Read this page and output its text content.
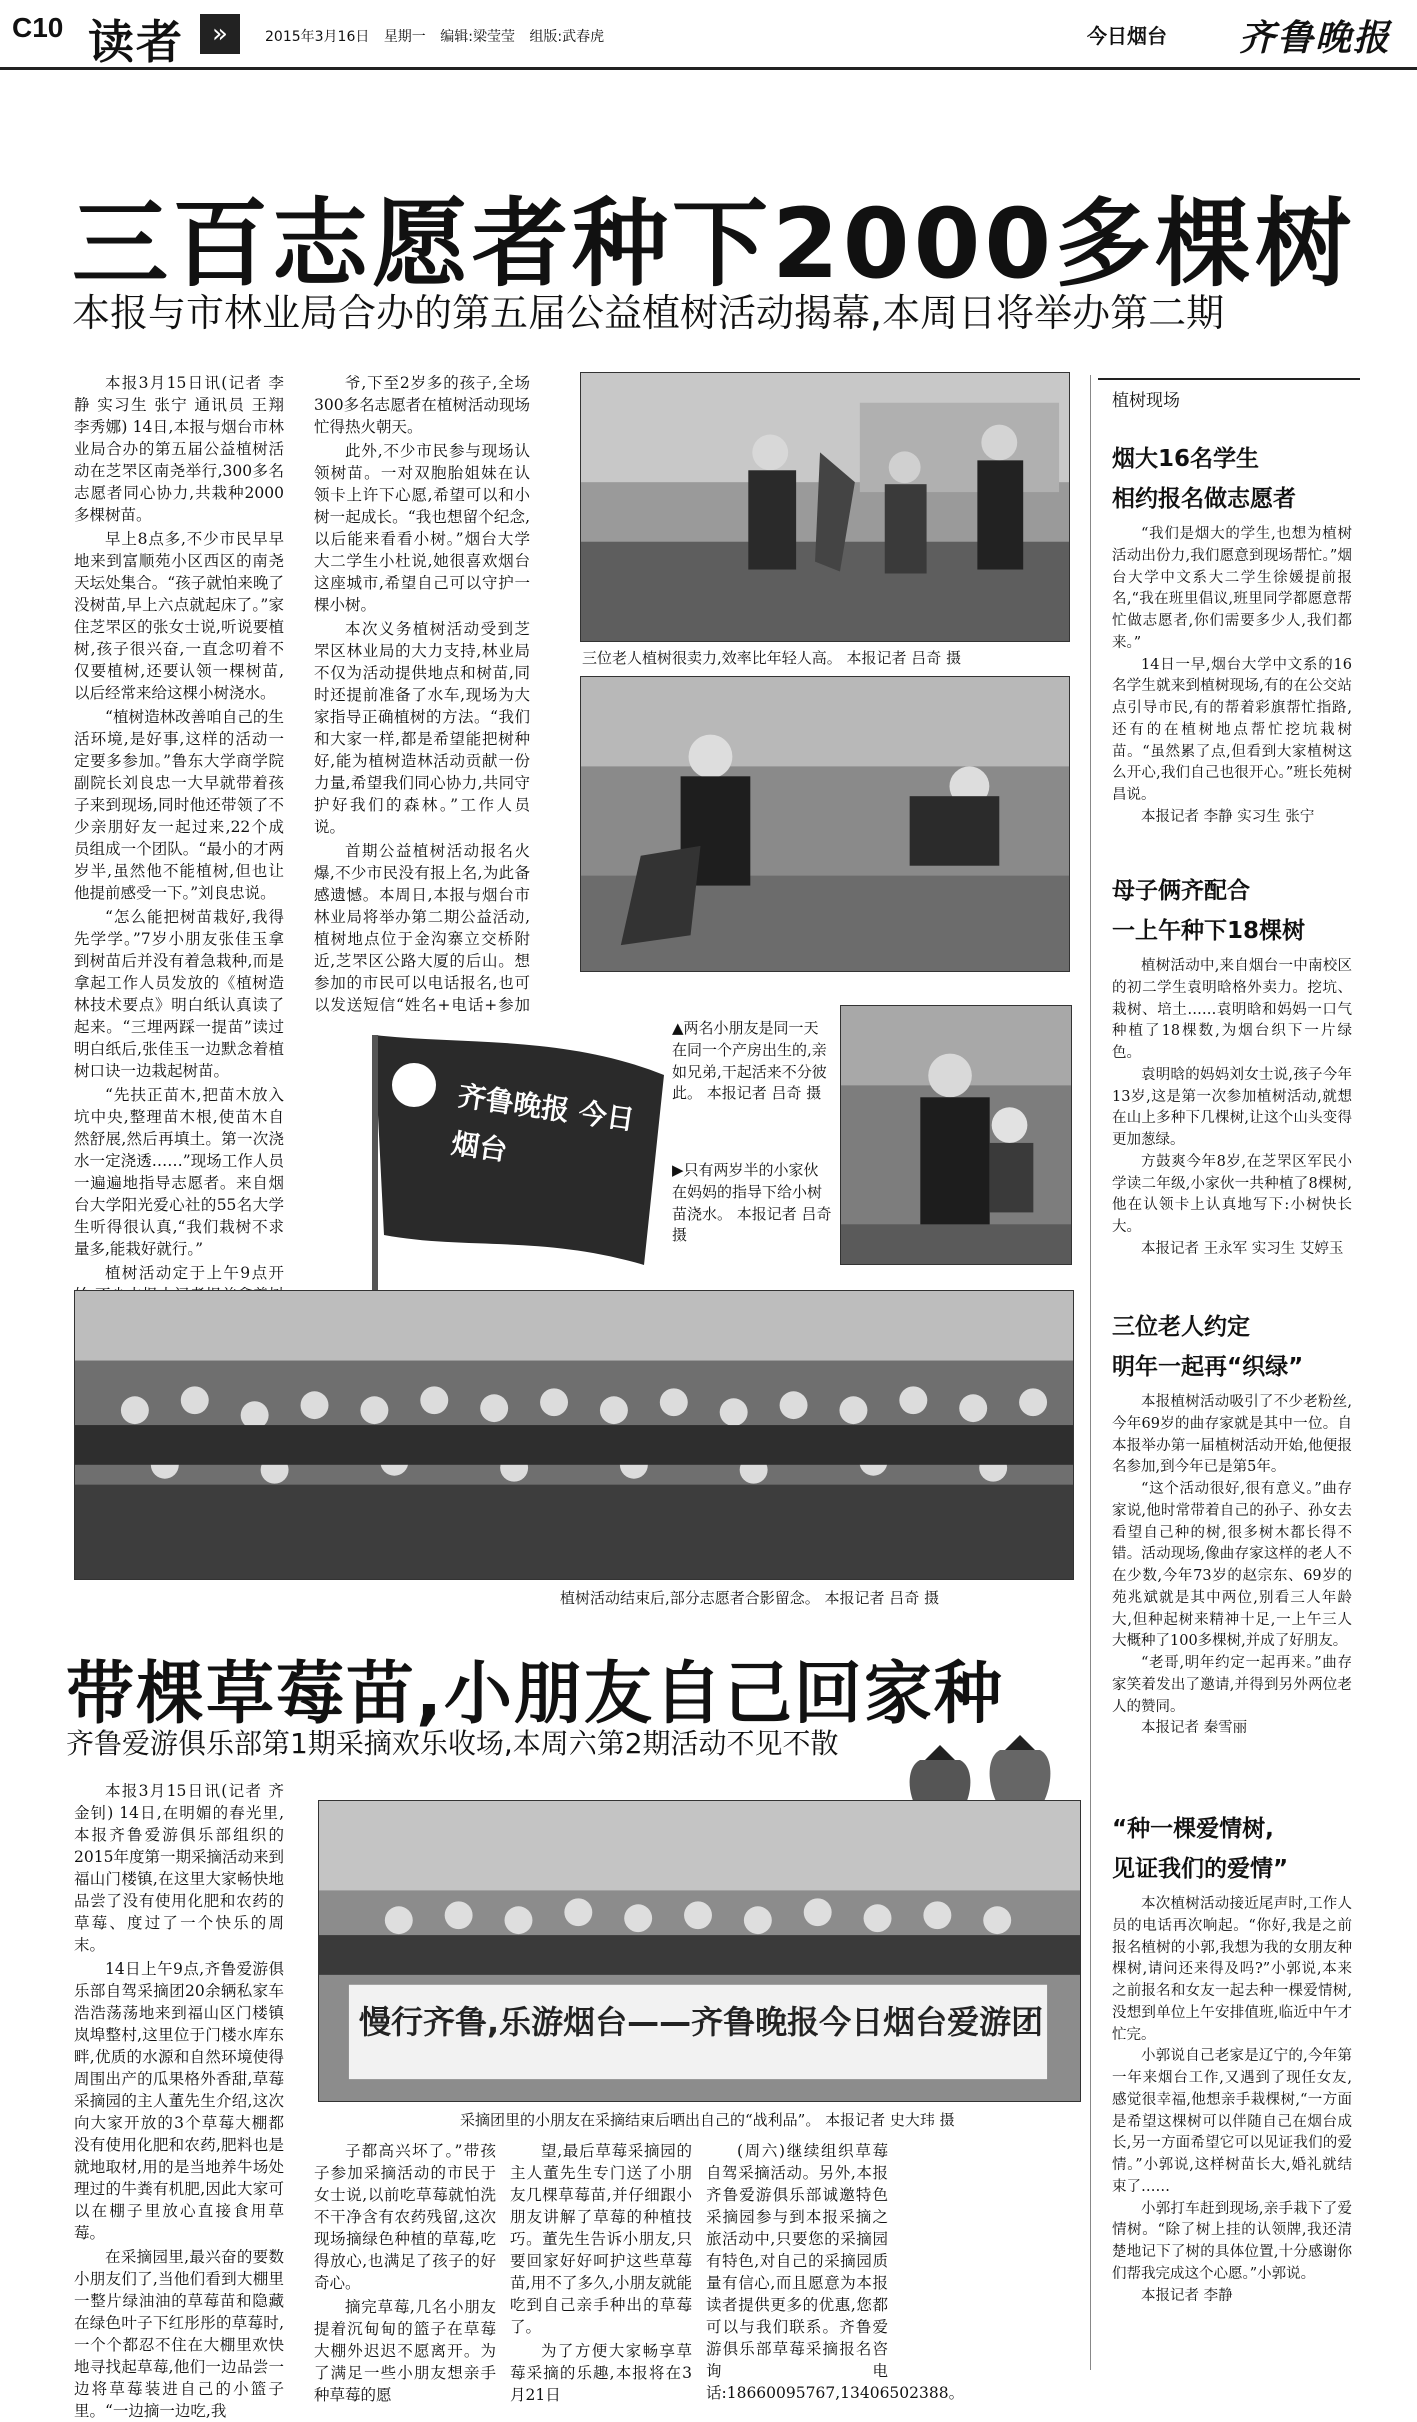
C10 读者	»	2015年3月16日 星期一 编辑:梁莹莹 组版:武春虎	今日烟台 齐鲁晚报
三百志愿者种下2000多棵树
本报与市林业局合办的第五届公益植树活动揭幕,本周日将举办第二期

本报3月15日讯(记者 李静 实习生 张宁 通讯员 王翔 李秀娜) 14日,本报与烟台市林业局合办的第五届公益植树活动在芝罘区南尧举行,300多名志愿者同心协力,共栽种2000多棵树苗。

早上8点多,不少市民早早地来到富顺苑小区西区的南尧天坛处集合。“孩子就怕来晚了没树苗,早上六点就起床了。”家住芝罘区的张女士说,听说要植树,孩子很兴奋,一直念叨着不仅要植树,还要认领一棵树苗,以后经常来给这棵小树浇水。

“植树造林改善咱自己的生活环境,是好事,这样的活动一定要多参加。”鲁东大学商学院副院长刘良忠一大早就带着孩子来到现场,同时他还带领了不少亲朋好友一起过来,22个成员组成一个团队。“最小的才两岁半,虽然他不能植树,但也让他提前感受一下。”刘良忠说。

“怎么能把树苗栽好,我得先学学。”7岁小朋友张佳玉拿到树苗后并没有着急栽种,而是拿起工作人员发放的《植树造林技术要点》明白纸认真读了起来。“三埋两踩一提苗”读过明白纸后,张佳玉一边默念着植树口诀一边栽起树苗。

“先扶正苗木,把苗木放入坑中央,整理苗木根,使苗木自然舒展,然后再填土。第一次浇水一定浇透……”现场工作人员一遍遍地指导志愿者。来自烟台大学阳光爱心社的55名大学生听得很认真,“我们栽树不求量多,能栽好就行。”

植树活动定于上午9点开

爷,下至2岁多的孩子,全场300多名志愿者在植树活动现场忙得热火朝天。

此外,不少市民参与现场认领树苗。一对双胞胎姐妹在认领卡上许下心愿,希望可以和小树一起成长。“我也想留个纪念,以后能来看看小树。”烟台大学大二学生小杜说,她很喜欢烟台这座城市,希望自己可以守护一棵小树。

本次义务植树活动受到芝罘区林业局的大力支持,林业局不仅为活动提供地点和树苗,同时还提前准备了水车,现场为大家指导正确植树的方法。“我们和大家一样,都是希望能把树种好,能为植树造林活动贡献一份力量,希望我们同心协力,共同守护好我们的森林。”工作人员说。

首期公益植树活动报名火爆,不少市民没有报上名,为此备感遗憾。本周日,本报与烟台市林业局将举办第二期公益活动,植树地点位于金沟寨立交桥附近,芝罘区公路大厦的后山。想参加的市民可以电话报名,也可以发送短信“姓名+电话+参加

三位老人植树很卖力,效率比年轻人高。 本报记者 吕奇 摄
齐鲁晚报 今日烟台
▲两名小朋友是同一天在同一个产房出生的,亲如兄弟,干起活来不分彼此。 本报记者 吕奇 摄
▶只有两岁半的小家伙在妈妈的指导下给小树苗浇水。 本报记者 吕奇 摄
植树活动结束后,部分志愿者合影留念。 本报记者 吕奇 摄
植树现场
烟大16名学生
相约报名做志愿者

“我们是烟大的学生,也想为植树活动出份力,我们愿意到现场帮忙。”烟台大学中文系大二学生徐媛提前报名,“我在班里倡议,班里同学都愿意帮忙做志愿者,你们需要多少人,我们都来。”

14日一早,烟台大学中文系的16名学生就来到植树现场,有的在公交站点引导市民,有的帮着彩旗帮忙指路,还有的在植树地点帮忙挖坑栽树苗。“虽然累了点,但看到大家植树这么开心,我们自己也很开心。”班长苑树昌说。

本报记者 李静 实习生 张宁

母子俩齐配合
一上午种下18棵树

植树活动中,来自烟台一中南校区的初二学生袁明晗格外卖力。挖坑、栽树、培土……袁明晗和妈妈一口气种植了18棵数,为烟台织下一片绿色。

袁明晗的妈妈刘女士说,孩子今年13岁,这是第一次参加植树活动,就想在山上多种下几棵树,让这个山头变得更加葱绿。

方鼓爽今年8岁,在芝罘区军民小学读二年级,小家伙一共种植了8棵树,他在认领卡上认真地写下:小树快长大。

本报记者 王永军 实习生 艾婷玉

三位老人约定
明年一起再“织绿”

本报植树活动吸引了不少老粉丝,今年69岁的曲存家就是其中一位。自本报举办第一届植树活动开始,他便报名参加,到今年已是第5年。

“这个活动很好,很有意义。”曲存家说,他时常带着自己的孙子、孙女去看望自己种的树,很多树木都长得不错。活动现场,像曲存家这样的老人不在少数,今年73岁的赵宗东、69岁的苑兆斌就是其中两位,别看三人年龄大,但种起树来精神十足,一上午三人大概种了100多棵树,并成了好朋友。

“老哥,明年约定一起再来。”曲存家笑着发出了邀请,并得到另外两位老人的赞同。

本报记者 秦雪丽

“种一棵爱情树,
见证我们的爱情”

本次植树活动接近尾声时,工作人员的电话再次响起。“你好,我是之前报名植树的小郭,我想为我的女朋友种棵树,请问还来得及吗?”小郭说,本来之前报名和女友一起去种一棵爱情树,没想到单位上午安排值班,临近中午才忙完。

小郭说自己老家是辽宁的,今年第一年来烟台工作,又遇到了现任女友,感觉很幸福,他想亲手栽棵树,“一方面是希望这棵树可以伴随自己在烟台成长,另一方面希望它可以见证我们的爱情。”小郭说,这样树苗长大,婚礼就结束了……

小郭打车赶到现场,亲手栽下了爱情树。“除了树上挂的认领牌,我还清楚地记下了树的具体位置,十分感谢你们帮我完成这个心愿。”小郭说。

本报记者 李静

带棵草莓苗,小朋友自己回家种
齐鲁爱游俱乐部第1期采摘欢乐收场,本周六第2期活动不见不散

本报3月15日讯(记者 齐金钊) 14日,在明媚的春光里,本报齐鲁爱游俱乐部组织的2015年度第一期采摘活动来到福山门楼镇,在这里大家畅快地品尝了没有使用化肥和农药的草莓、度过了一个快乐的周末。

14日上午9点,齐鲁爱游俱乐部自驾采摘团20余辆私家车浩浩荡荡地来到福山区门楼镇岚埠整村,这里位于门楼水库东畔,优质的水源和自然环境使得周围出产的瓜果格外香甜,草莓采摘园的主人董先生介绍,这次向大家开放的3个草莓大棚都没有使用化肥和农药,肥料也是就地取材,用的是当地养牛场处理过的牛粪有机肥,因此大家可以在棚子里放心直接食用草莓。

在采摘园里,最兴奋的要数小朋友们了,当他们看到大棚里一整片绿油油的草莓苗和隐藏在绿色叶子下红彤彤的草莓时,一个个都忍不住在大棚里欢快地寻找起草莓,他们一边品尝一边将草莓装进自己的小篮子里。“一边摘一边吃,我

慢行齐鲁,乐游烟台——齐鲁晚报今日烟台爱游团
采摘团里的小朋友在采摘结束后晒出自己的“战利品”。 本报记者 史大玮 摄

子都高兴坏了。”带孩子参加采摘活动的市民于女士说,以前吃草莓就怕洗不干净含有农药残留,这次现场摘绿色种植的草莓,吃得放心,也满足了孩子的好奇心。

摘完草莓,几名小朋友提着沉甸甸的篮子在草莓大棚外迟迟不愿离开。为了满足一些小朋友想亲手种草莓的愿

望,最后草莓采摘园的主人董先生专门送了小朋友几棵草莓苗,并仔细跟小朋友讲解了草莓的种植技巧。董先生告诉小朋友,只要回家好好呵护这些草莓苗,用不了多久,小朋友就能吃到自己亲手种出的草莓了。

为了方便大家畅享草莓采摘的乐趣,本报将在3月21日

(周六)继续组织草莓自驾采摘活动。另外,本报齐鲁爱游俱乐部诚邀特色采摘园参与到本报采摘之旅活动中,只要您的采摘园有特色,对自己的采摘园质量有信心,而且愿意为本报读者提供更多的优惠,您都可以与我们联系。齐鲁爱游俱乐部草莓采摘报名咨询电话:18660095767,13406502388。
